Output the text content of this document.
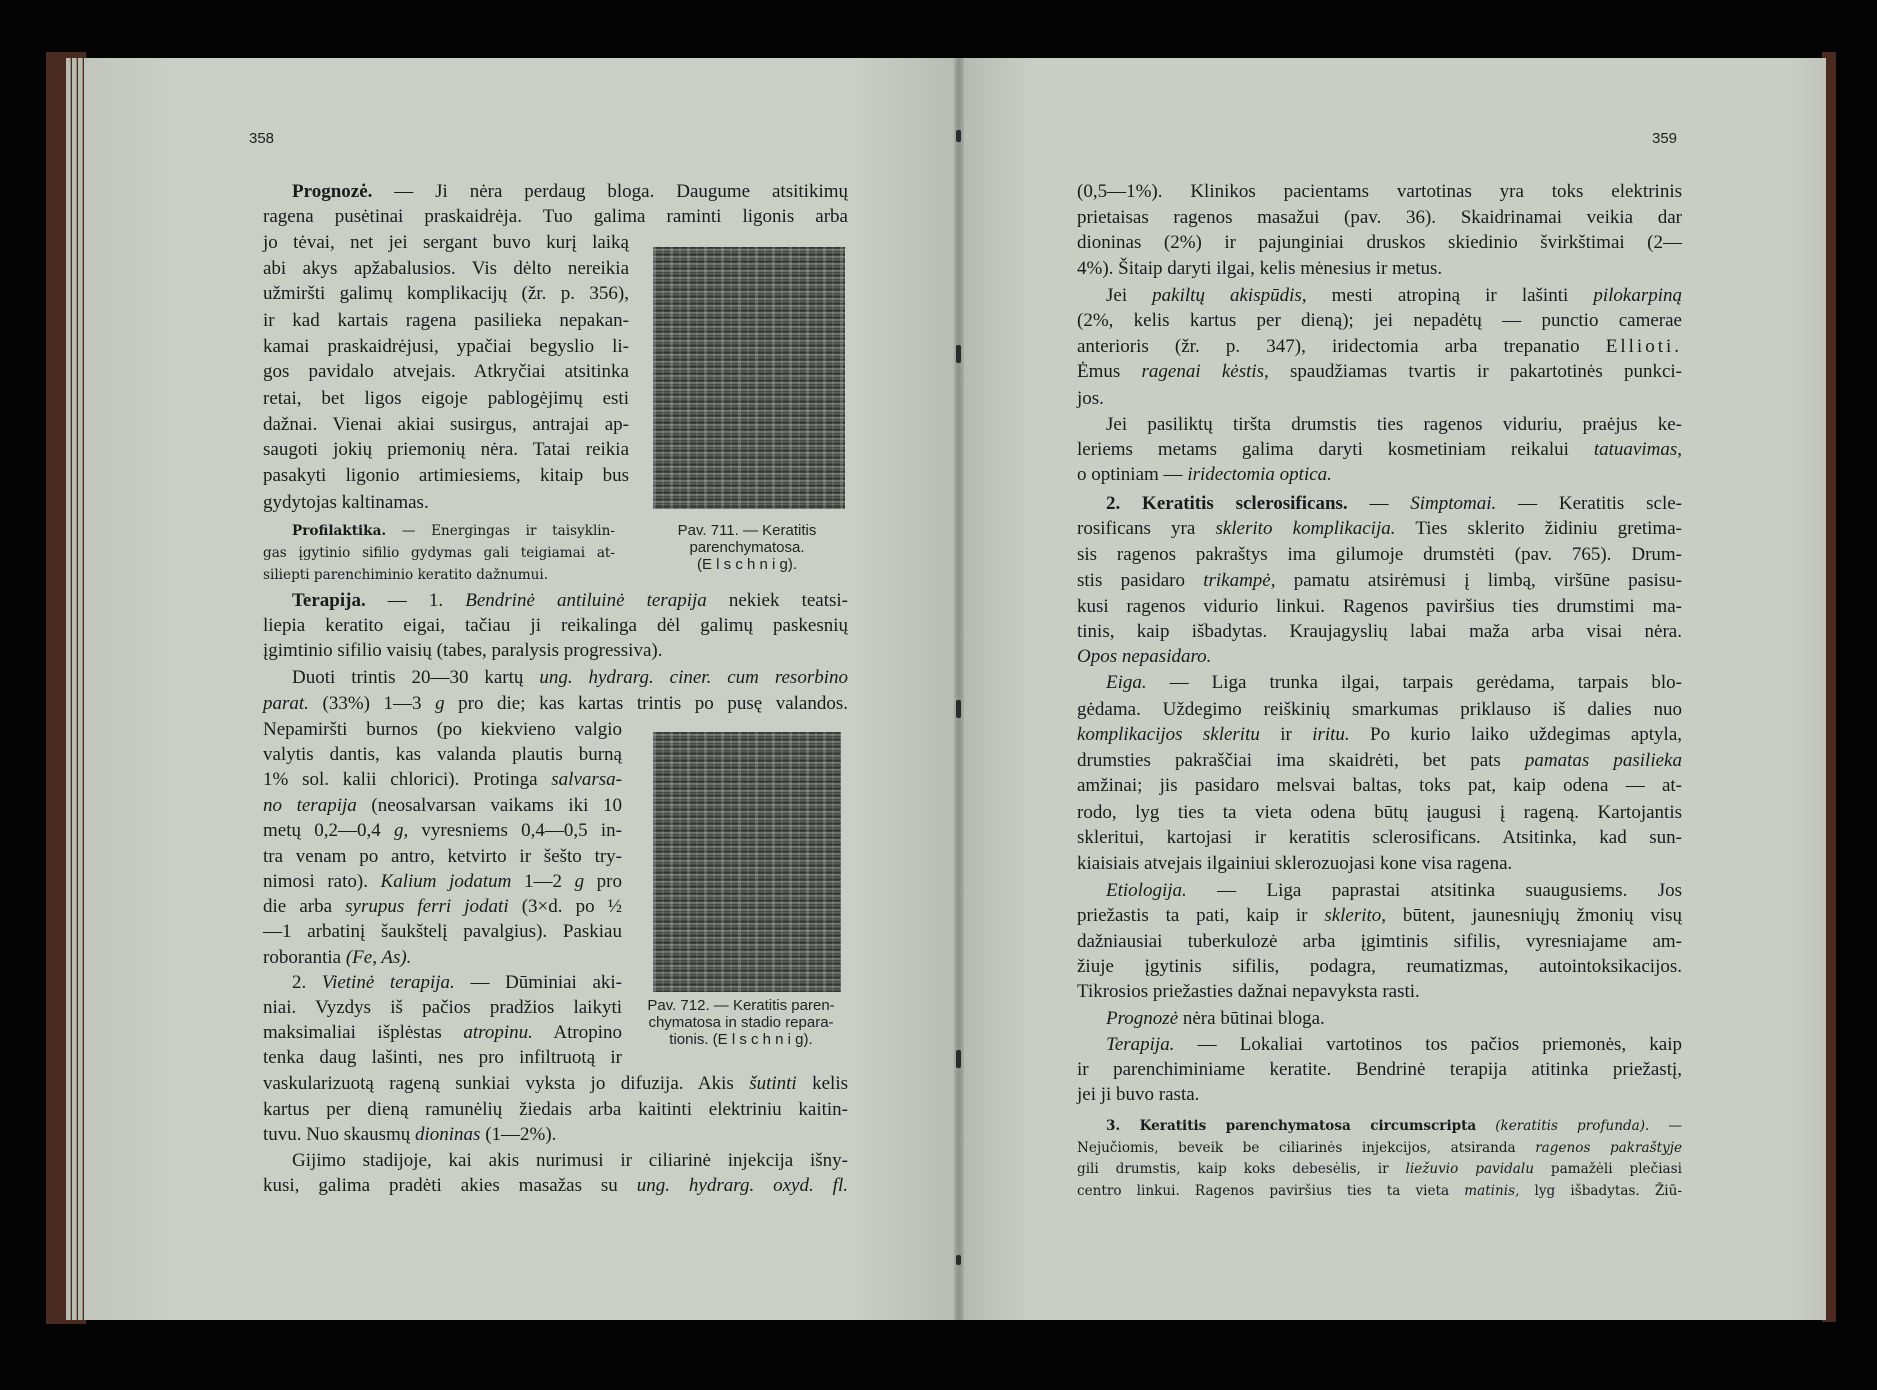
358	359
Pav. 711. — Keratitis
parenchymatosa.
(E l s c h n i g).
Pav. 712. — Keratitis paren-
chymatosa in stadio repara-
tionis. (E l s c h n i g).
Prognozė. — Ji nėra perdaug bloga. Daugume atsitikimų
ragena pusėtinai praskaidrėja. Tuo galima raminti ligonis arba
jo tėvai, net jei sergant buvo kurį laiką
abi akys apžabalusios. Vis dėlto nereikia
užmiršti galimų komplikacijų (žr. p. 356),
ir kad kartais ragena pasilieka nepakan-
kamai praskaidrėjusi, ypačiai begyslio li-
gos pavidalo atvejais. Atkryčiai atsitinka
retai, bet ligos eigoje pablogėjimų esti
dažnai. Vienai akiai susirgus, antrajai ap-
saugoti jokių priemonių nėra. Tatai reikia
pasakyti ligonio artimiesiems, kitaip bus
gydytojas kaltinamas.
Profilaktika. — Energingas ir taisyklin-
gas įgytinio sifilio gydymas gali teigiamai at-
siliepti parenchiminio keratito dažnumui.
Terapija. — 1. Bendrinė antiluinė terapija nekiek teatsi-
liepia keratito eigai, tačiau ji reikalinga dėl galimų paskesnių
įgimtinio sifilio vaisių (tabes, paralysis progressiva).
Duoti trintis 20—30 kartų ung. hydrarg. ciner. cum resorbino
parat. (33%) 1—3 g pro die; kas kartas trintis po pusę valandos.
Nepamiršti burnos (po kiekvieno valgio
valytis dantis, kas valanda plautis burną
1% sol. kalii chlorici). Protinga salvarsa-
no terapija (neosalvarsan vaikams iki 10
metų 0,2—0,4 g, vyresniems 0,4—0,5 in-
tra venam po antro, ketvirto ir šešto try-
nimosi rato). Kalium jodatum 1—2 g pro
die arba syrupus ferri jodati (3×d. po ½
—1 arbatinį šaukštelį pavalgius). Paskiau
roborantia (Fe, As).
2. Vietinė terapija. — Dūminiai aki-
niai. Vyzdys iš pačios pradžios laikyti
maksimaliai išplėstas atropinu. Atropino
tenka daug lašinti, nes pro infiltruotą ir
vaskularizuotą rageną sunkiai vyksta jo difuzija. Akis šutinti kelis
kartus per dieną ramunėlių žiedais arba kaitinti elektriniu kaitin-
tuvu. Nuo skausmų dioninas (1—2%).
Gijimo stadijoje, kai akis nurimusi ir ciliarinė injekcija išny-
kusi, galima pradėti akies masažas su ung. hydrarg. oxyd. fl.
(0,5—1%). Klinikos pacientams vartotinas yra toks elektrinis
prietaisas ragenos masažui (pav. 36). Skaidrinamai veikia dar
dioninas (2%) ir pajunginiai druskos skiedinio švirkštimai (2—
4%). Šitaip daryti ilgai, kelis mėnesius ir metus.
Jei pakiltų akispūdis, mesti atropiną ir lašinti pilokarpiną
(2%, kelis kartus per dieną); jei nepadėtų — punctio camerae
anterioris (žr. p. 347), iridectomia arba trepanatio Ellioti.
Ėmus ragenai kėstis, spaudžiamas tvartis ir pakartotinės punkci-
jos.
Jei pasiliktų tiršta drumstis ties ragenos viduriu, praėjus ke-
leriems metams galima daryti kosmetiniam reikalui tatuavimas,
o optiniam — iridectomia optica.
2. Keratitis sclerosificans. — Simptomai. — Keratitis scle-
rosificans yra sklerito komplikacija. Ties sklerito židiniu gretima-
sis ragenos pakraštys ima gilumoje drumstėti (pav. 765). Drum-
stis pasidaro trikampė, pamatu atsirėmusi į limbą, viršūne pasisu-
kusi ragenos vidurio linkui. Ragenos paviršius ties drumstimi ma-
tinis, kaip išbadytas. Kraujagyslių labai maža arba visai nėra.
Opos nepasidaro.
Eiga. — Liga trunka ilgai, tarpais gerėdama, tarpais blo-
gėdama. Uždegimo reiškinių smarkumas priklauso iš dalies nuo
komplikacijos skleritu ir iritu. Po kurio laiko uždegimas aptyla,
drumsties pakraščiai ima skaidrėti, bet pats pamatas pasilieka
amžinai; jis pasidaro melsvai baltas, toks pat, kaip odena — at-
rodo, lyg ties ta vieta odena būtų įaugusi į rageną. Kartojantis
skleritui, kartojasi ir keratitis sclerosificans. Atsitinka, kad sun-
kiaisiais atvejais ilgainiui sklerozuojasi kone visa ragena.
Etiologija. — Liga paprastai atsitinka suaugusiems. Jos
priežastis ta pati, kaip ir sklerito, būtent, jaunesniųjų žmonių visų
dažniausiai tuberkulozė arba įgimtinis sifilis, vyresniajame am-
žiuje įgytinis sifilis, podagra, reumatizmas, autointoksikacijos.
Tikrosios priežasties dažnai nepavyksta rasti.
Prognozė nėra būtinai bloga.
Terapija. — Lokaliai vartotinos tos pačios priemonės, kaip
ir parenchiminiame keratite. Bendrinė terapija atitinka priežastį,
jei ji buvo rasta.
3. Keratitis parenchymatosa circumscripta (keratitis profunda). —
Nejučiomis, beveik be ciliarinės injekcijos, atsiranda ragenos pakraštyje
gili drumstis, kaip koks debesėlis, ir liežuvio pavidalu pamažėli plečiasi
centro linkui. Ragenos paviršius ties ta vieta matinis, lyg išbadytas. Žiū-
